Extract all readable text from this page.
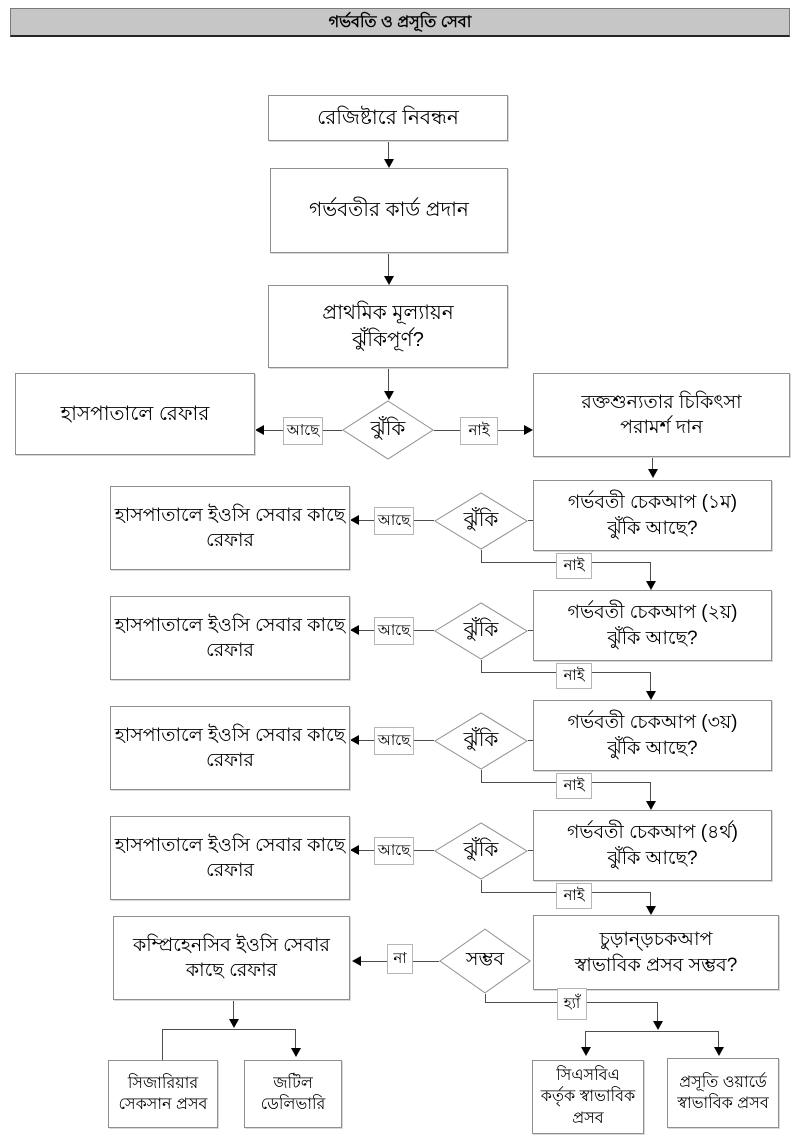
গর্ভবতি ও প্রসূতি সেবা
রেজিষ্টারে নিবন্ধন
গর্ভবতীর কার্ড প্রদান
প্রাথমিক মূল্যায়ন
ঝুঁকিপূর্ণ?
হাসপাতালে রেফার
রক্তশুন্যতার চিকিৎসা
পরামর্শ দান
ঝুঁকি
গর্ভবতী চেকআপ (১ম)
ঝুঁকি আছে?
হাসপাতালে ইওসি সেবার কাছে
রেফার
ঝুঁকি
গর্ভবতী চেকআপ (২য়)
ঝুঁকি আছে?
হাসপাতালে ইওসি সেবার কাছে
রেফার
ঝুঁকি
গর্ভবতী চেকআপ (৩য়)
ঝুঁকি আছে?
হাসপাতালে ইওসি সেবার কাছে
রেফার
ঝুঁকি
গর্ভবতী চেকআপ (৪র্থ)
ঝুঁকি আছে?
হাসপাতালে ইওসি সেবার কাছে
রেফার
ঝুঁকি
কম্প্রিহেনসিব ইওসি সেবার
কাছে রেফার
সম্ভব
চুড়ান্ড়চকআপ
স্বাভাবিক প্রসব সম্ভব?
সিজারিয়ার
সেকসান প্রসব
জটিল
ডেলিভারি
সিএসবিএ
কর্তৃক স্বাভাবিক
প্রসব
প্রসূতি ওয়ার্ডে
স্বাভাবিক প্রসব
আছে	নাই
আছে
নাই
আছে
নাই
আছে
নাই
আছে
নাই
না
হ্যাঁ
